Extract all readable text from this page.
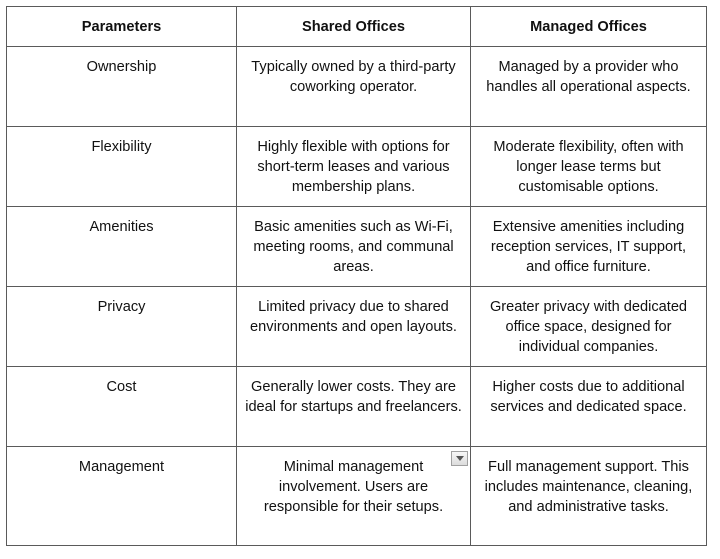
Parameters	Shared Offices	Managed Offices
Ownership	Typically owned by a third-party coworking operator.	Managed by a provider who handles all operational aspects.
Flexibility	Highly flexible with options for short-term leases and various membership plans.	Moderate flexibility, often with longer lease terms but customisable options.
Amenities	Basic amenities such as Wi-Fi, meeting rooms, and communal areas.	Extensive amenities including reception services, IT support, and office furniture.
Privacy	Limited privacy due to shared environments and open layouts.	Greater privacy with dedicated office space, designed for individual companies.
Cost	Generally lower costs. They are ideal for startups and freelancers.	Higher costs due to additional services and dedicated space.
Management	Minimal management involvement. Users are responsible for their setups.	Full management support. This includes maintenance, cleaning, and administrative tasks.
